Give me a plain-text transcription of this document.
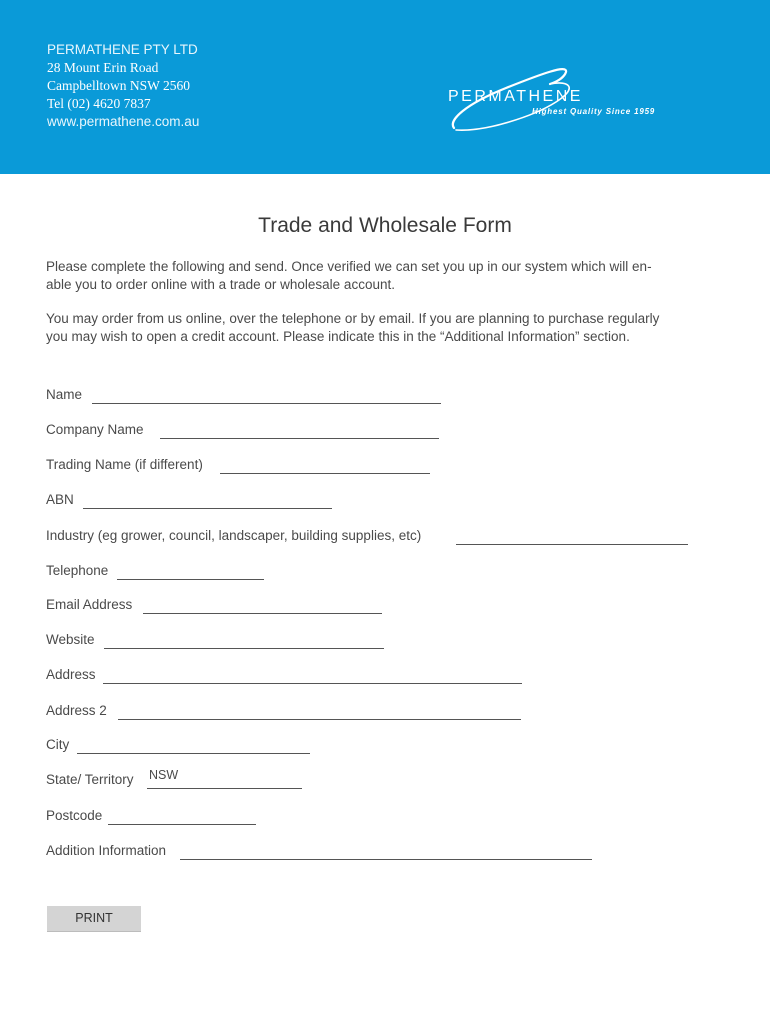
PERMATHENE PTY LTD
28 Mount Erin Road
Campbelltown NSW 2560
Tel (02) 4620 7837
www.permathene.com.au
PERMATHENE
Highest Quality Since 1959
Trade and Wholesale Form
Please complete the following and send. Once verified we can set you up in our system which will en-
able you to order online with a trade or wholesale account.
You may order from us online, over the telephone or by email. If you are planning to purchase regularly
you may wish to open a credit account. Please indicate this in the “Additional Information” section.
Name
Company Name
Trading Name (if different)
ABN
Industry (eg grower, council, landscaper, building supplies, etc)
Telephone
Email Address
Website
Address
Address 2
City
State/ Territory NSW
Postcode
Addition Information
PRINT
